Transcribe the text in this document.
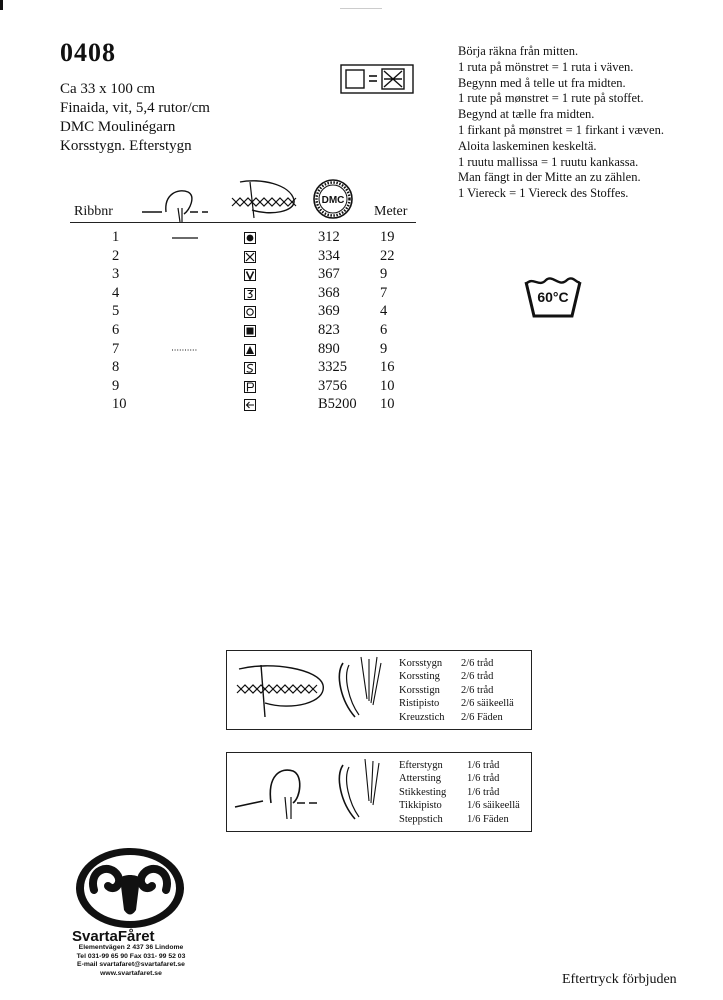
0408
Ca 33 x 100 cm
Finaida, vit, 5,4 rutor/cm
DMC Moulinégarn
Korsstygn. Efterstygn
Börja räkna från mitten.
1 ruta på mönstret = 1 ruta i väven.
Begynn med å telle ut fra midten.
1 rute på mønstret = 1 rute på stoffet.
Begynd at tælle fra midten.
1 firkant på mønstret = 1 firkant i væven.
Aloita laskeminen keskeltä.
1 ruutu mallissa = 1 ruutu kankassa.
Man fängt in der Mitte an zu zählen.
1 Viereck = 1 Viereck des Stoffes.
Ribbnr
DMC
Meter
1	312	19
2	334	22
3	367	9
4	368	7
5	369	4
6	823	6
7	890	9
8	3325 16
9	3756 10
10	B5200 10
60°C
Korsstygn 2/6 tråd
Korssting 2/6 tråd
Korsstign 2/6 tråd
Ristipisto 2/6 säikeellä
Kreuzstich 2/6 Fäden
Efterstygn 1/6 tråd
Attersting 1/6 tråd
Stikkesting 1/6 tråd
Tikkipisto 1/6 säikeellä
Steppstich 1/6 Fäden
SvartaFåret
Elementvägen 2 437 36 Lindome
Tel 031-99 65 90 Fax 031- 99 52 03
E-mail svartafaret@svartafaret.se
www.svartafaret.se	Eftertryck förbjuden
